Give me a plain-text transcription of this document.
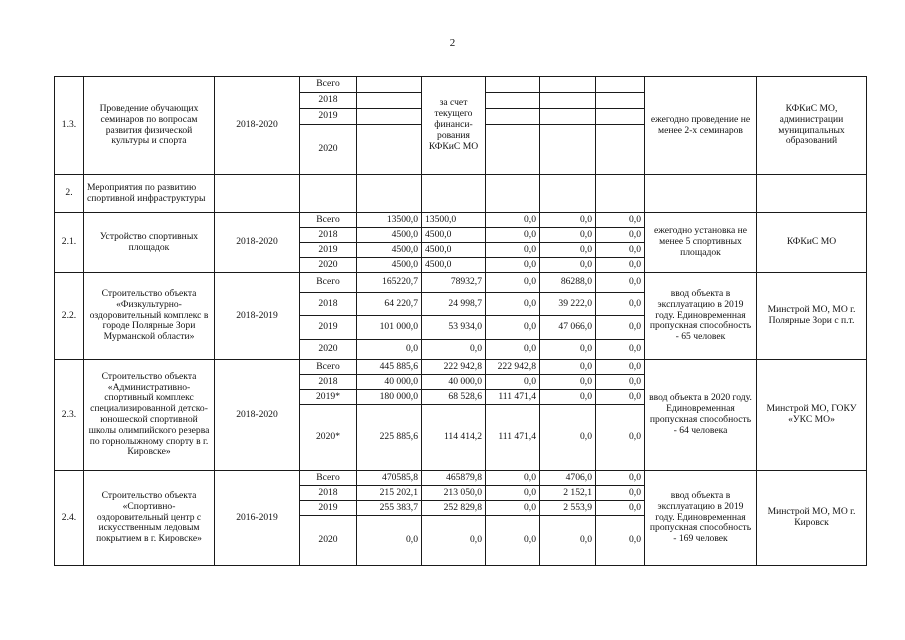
2
1.3.	Проведение обучающих семинаров по вопросам развития физической культуры и спорта	2018-2020	Всего		за счет текущего финанси-рования КФКиС МО				ежегодно проведение не менее 2-х семинаров	КФКиС МО, администрации муниципальных образований
			2018							
			2019							
			2020							
2.	Мероприятия по развитию спортивной инфраструктуры									
2.1.	Устройство спортивных площадок	2018-2020	Всего	13500,0	13500,0	0,0	0,0	0,0	ежегодно установка не менее 5 спортивных площадок	КФКиС МО
			2018	4500,0	4500,0	0,0	0,0	0,0		
			2019	4500,0	4500,0	0,0	0,0	0,0		
			2020	4500,0	4500,0	0,0	0,0	0,0		
2.2.	Строительство объекта «Физкультурно-оздоровительный комплекс в городе Полярные Зори Мурманской области»	2018-2019	Всего	165220,7	78932,7	0,0	86288,0	0,0	ввод объекта в эксплуатацию в 2019 году. Единовременная пропускная способность - 65 человек	Минстрой МО, МО г. Полярные Зори с п.т.
			2018	64 220,7	24 998,7	0,0	39 222,0	0,0		
			2019	101 000,0	53 934,0	0,0	47 066,0	0,0		
			2020	0,0	0,0	0,0	0,0	0,0		
2.3.	Строительство объекта «Административно-спортивный комплекс специализированной детско-юношеской спортивной школы олимпийского резерва по горнолыжному спорту в г. Кировске»	2018-2020	Всего	445 885,6	222 942,8	222 942,8	0,0	0,0	ввод объекта в 2020 году. Единовременная пропускная способность - 64 человека	Минстрой МО, ГОКУ «УКС МО»
			2018	40 000,0	40 000,0	0,0	0,0	0,0		
			2019*	180 000,0	68 528,6	111 471,4	0,0	0,0		
			2020*	225 885,6	114 414,2	111 471,4	0,0	0,0		
2.4.	Строительство объекта «Спортивно-оздоровительный центр с искусственным ледовым покрытием в г. Кировске»	2016-2019	Всего	470585,8	465879,8	0,0	4706,0	0,0	ввод объекта в эксплуатацию в 2019 году. Единовременная пропускная способность - 169 человек	Минстрой МО, МО г. Кировск
			2018	215 202,1	213 050,0	0,0	2 152,1	0,0		
			2019	255 383,7	252 829,8	0,0	2 553,9	0,0		
			2020	0,0	0,0	0,0	0,0	0,0		
